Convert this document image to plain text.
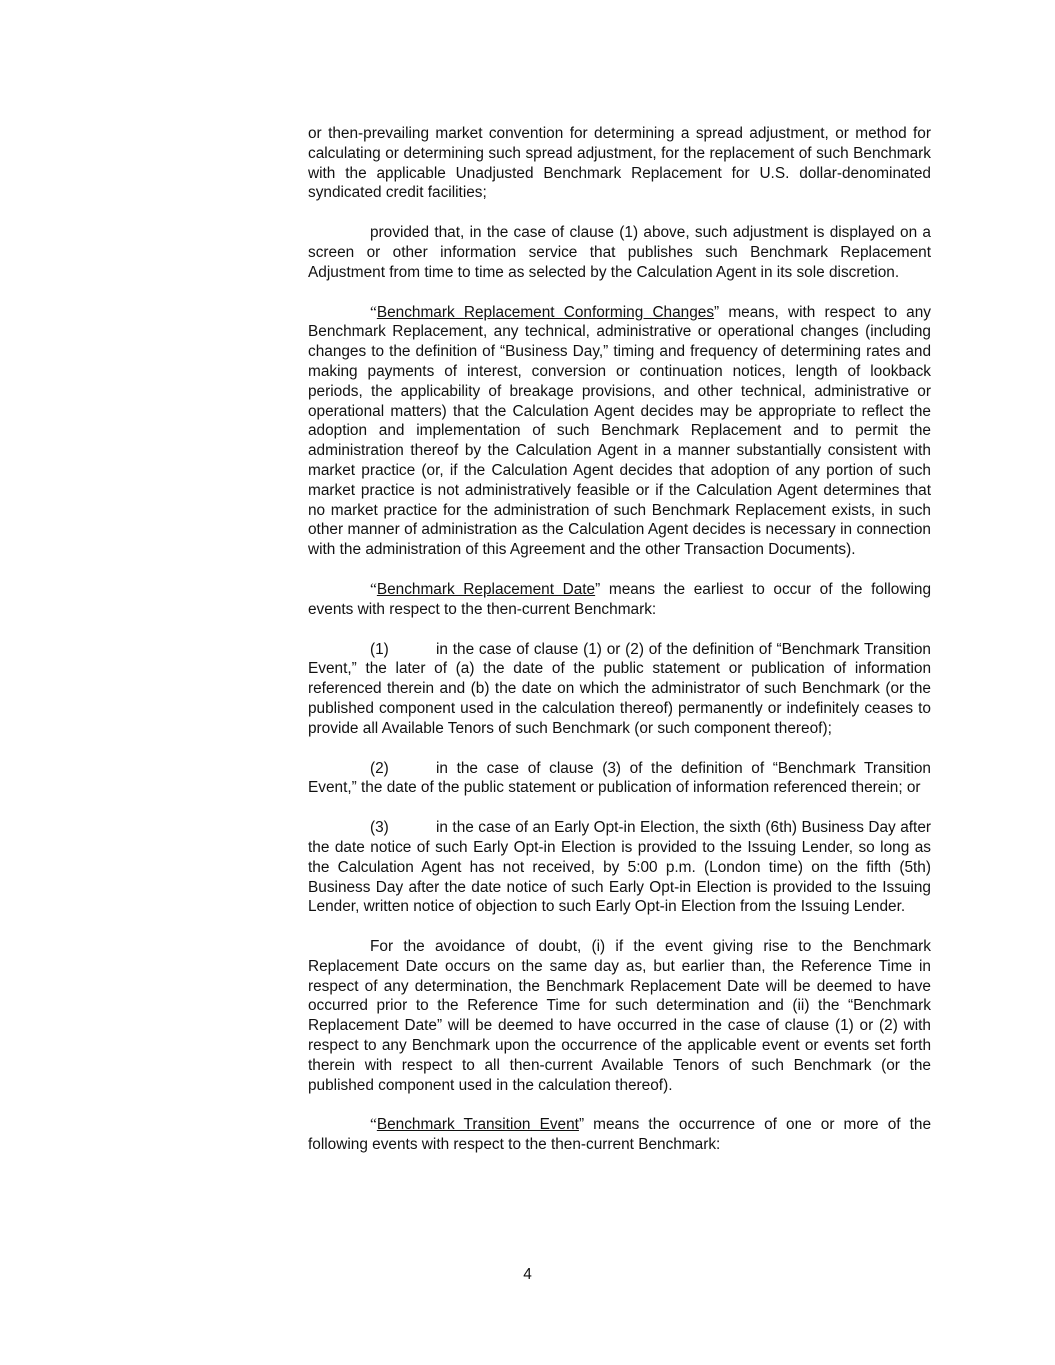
or then-prevailing market convention for determining a spread adjustment, or method for calculating or determining such spread adjustment, for the replacement of such Benchmark with the applicable Unadjusted Benchmark Replacement for U.S. dollar-denominated syndicated credit facilities;

provided that, in the case of clause (1) above, such adjustment is displayed on a screen or other information service that publishes such Benchmark Replacement Adjustment from time to time as selected by the Calculation Agent in its sole discretion.

“Benchmark Replacement Conforming Changes” means, with respect to any Benchmark Replacement, any technical, administrative or operational changes (including changes to the definition of “Business Day,” timing and frequency of determining rates and making payments of interest, conversion or continuation notices, length of lookback periods, the applicability of breakage provisions, and other technical, administrative or operational matters) that the Calculation Agent decides may be appropriate to reflect the adoption and implementation of such Benchmark Replacement and to permit the administration thereof by the Calculation Agent in a manner substantially consistent with market practice (or, if the Calculation Agent decides that adoption of any portion of such market practice is not administratively feasible or if the Calculation Agent determines that no market practice for the administration of such Benchmark Replacement exists, in such other manner of administration as the Calculation Agent decides is necessary in connection with the administration of this Agreement and the other Transaction Documents).

“Benchmark Replacement Date” means the earliest to occur of the following events with respect to the then-current Benchmark:

(1)	in the case of clause (1) or (2) of the definition of “Benchmark Transition Event,” the later of (a) the date of the public statement or publication of information referenced therein and (b) the date on which the administrator of such Benchmark (or the published component used in the calculation thereof) permanently or indefinitely ceases to provide all Available Tenors of such Benchmark (or such component thereof);

(2)	in the case of clause (3) of the definition of “Benchmark Transition Event,” the date of the public statement or publication of information referenced therein; or

(3)	in the case of an Early Opt-in Election, the sixth (6th) Business Day after the date notice of such Early Opt-in Election is provided to the Issuing Lender, so long as the Calculation Agent has not received, by 5:00 p.m. (London time) on the fifth (5th) Business Day after the date notice of such Early Opt-in Election is provided to the Issuing Lender, written notice of objection to such Early Opt-in Election from the Issuing Lender.

For the avoidance of doubt, (i) if the event giving rise to the Benchmark Replacement Date occurs on the same day as, but earlier than, the Reference Time in respect of any determination, the Benchmark Replacement Date will be deemed to have occurred prior to the Reference Time for such determination and (ii) the “Benchmark Replacement Date” will be deemed to have occurred in the case of clause (1) or (2) with respect to any Benchmark upon the occurrence of the applicable event or events set forth therein with respect to all then-current Available Tenors of such Benchmark (or the published component used in the calculation thereof).

“Benchmark Transition Event” means the occurrence of one or more of the following events with respect to the then-current Benchmark:

4
